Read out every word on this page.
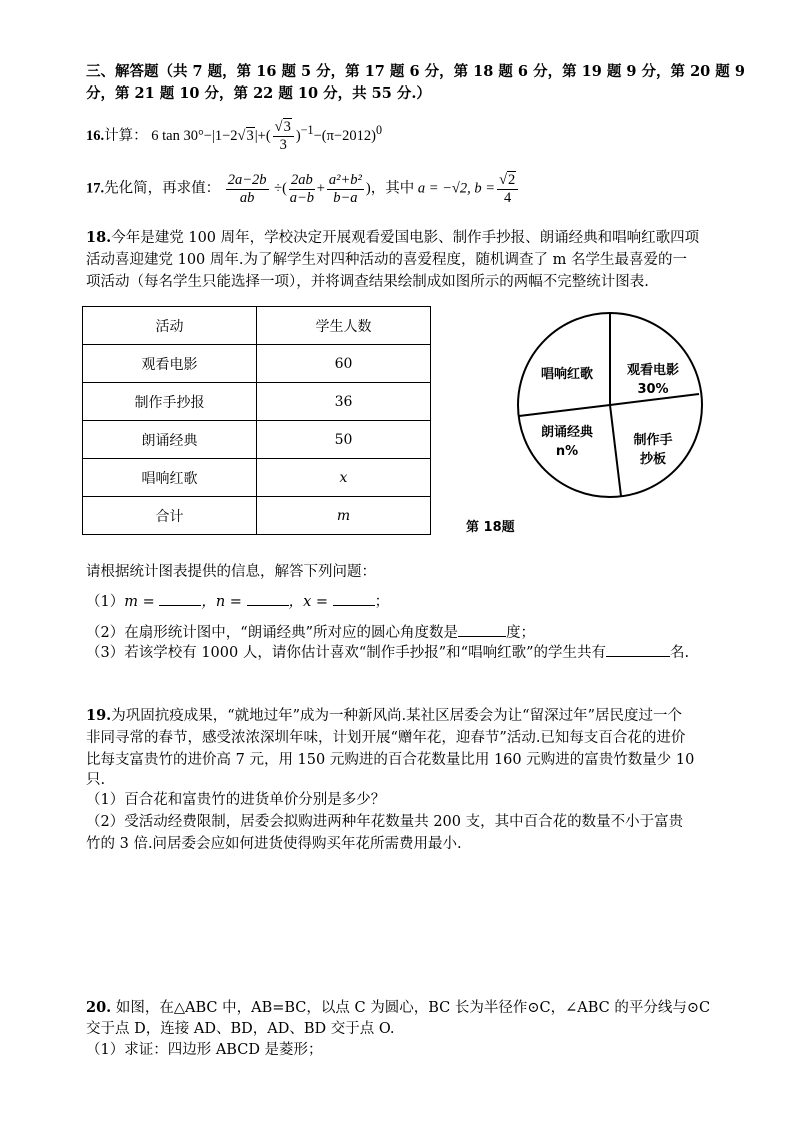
三、解答题（共 7 题，第 16 题 5 分，第 17 题 6 分，第 18 题 6 分，第 19 题 9 分，第 20 题 9
分，第 21 题 10 分，第 22 题 10 分，共 55 分.）
16.计算： 6 $\tan 30^\circ-|1-2√3|+( \frac{√3}{3} )^{-1}-(\pi-2012)^0$
17.先化简，再求值： $\frac{2a-2b}{ab}$ ÷( $\frac{2ab}{a-b} + \frac{\text{a²+b²}}{b-a}$ )，其中 a = −√2, $b = \frac{√2}{4}$
18.今年是建党 100 周年，学校决定开展观看爱国电影、制作手抄报、朗诵经典和唱响红歌四项
活动喜迎建党 100 周年.为了解学生对四种活动的喜爱程度，随机调查了 m 名学生最喜爱的一
项活动（每名学生只能选择一项），并将调查结果绘制成如图所示的两幅不完整统计图表.
活动	学生人数
观看电影	60
制作手抄报	36
朗诵经典	50
唱响红歌	x
合计	m
观看电影
30%
唱响红歌
朗诵经典
n%
制作手
抄板
第 18题
请根据统计图表提供的信息，解答下列问题：
（1）m =	，n =	，x =	；
（2）在扇形统计图中，“朗诵经典”所对应的圆心角度数是	度；
（3）若该学校有 1000 人，请你估计喜欢“制作手抄报”和“唱响红歌”的学生共有	名.
19.为巩固抗疫成果，“就地过年”成为一种新风尚.某社区居委会为让“留深过年”居民度过一个
非同寻常的春节，感受浓浓深圳年味，计划开展“赠年花，迎春节”活动.已知每支百合花的进价
比每支富贵竹的进价高 7 元，用 150 元购进的百合花数量比用 160 元购进的富贵竹数量少 10
只.
（1）百合花和富贵竹的进货单价分别是多少？
（2）受活动经费限制，居委会拟购进两种年花数量共 200 支，其中百合花的数量不小于富贵
竹的 3 倍.问居委会应如何进货使得购买年花所需费用最小.
20. 如图，在△ABC 中，AB=BC，以点 C 为圆心，BC 长为半径作⊙C，∠ABC 的平分线与⊙C
交于点 D，连接 AD、BD，AD、BD 交于点 O.
（1）求证：四边形 ABCD 是菱形；
